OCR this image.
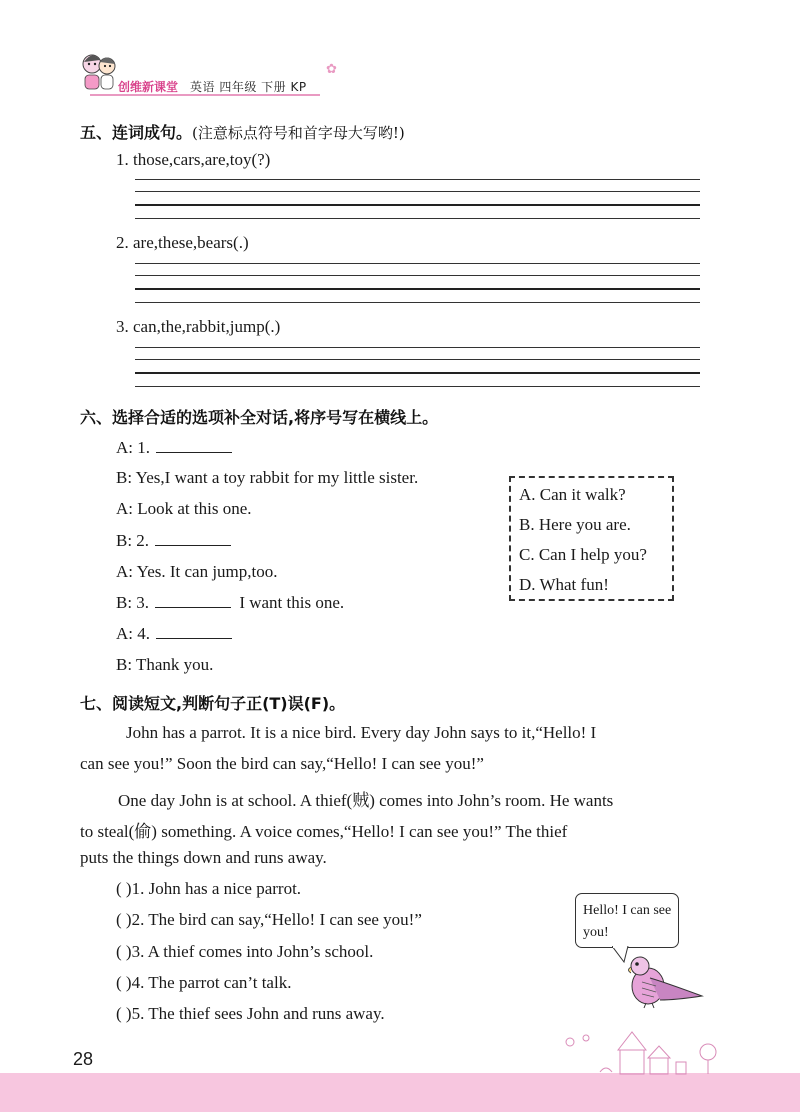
创维新课堂 英语 四年级 下册 KP
✿
五、连词成句。(注意标点符号和首字母大写哟!)
1. those,cars,are,toy(?)
2. are,these,bears(.)
3. can,the,rabbit,jump(.)
六、选择合适的选项补全对话,将序号写在横线上。
A: 1.
B: Yes,I want a toy rabbit for my little sister.
A: Look at this one.
B: 2.
A: Yes. It can jump,too.
B: 3.	I want this one.
A: 4.
B: Thank you.
A. Can it walk?
B. Here you are.
C. Can I help you?
D. What fun!
七、阅读短文,判断句子正(T)误(F)。
John has a parrot. It is a nice bird. Every day John says to it,“Hello! I
can see you!” Soon the bird can say,“Hello! I can see you!”
One day John is at school. A thief(贼) comes into John’s room. He wants
to steal(偷) something. A voice comes,“Hello! I can see you!” The thief
puts the things down and runs away.
( )1. John has a nice parrot.
( )2. The bird can say,“Hello! I can see you!”
( )3. A thief comes into John’s school.
( )4. The parrot can’t talk.
( )5. The thief sees John and runs away.
Hello! I can see you!
28
